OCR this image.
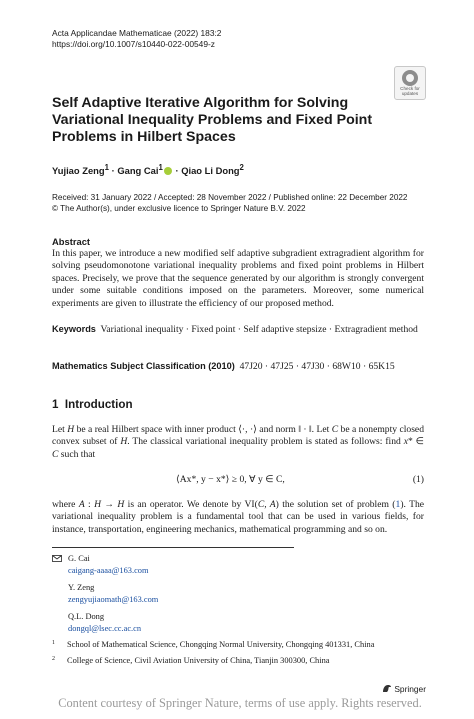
Acta Applicandae Mathematicae (2022) 183:2
https://doi.org/10.1007/s10440-022-00549-z
Check for
updates
Self Adaptive Iterative Algorithm for Solving Variational Inequality Problems and Fixed Point Problems in Hilbert Spaces
Yujiao Zeng$^1$ · Gang Cai$^1$ · Qiao Li Dong$^2$
Received: 31 January 2022 / Accepted: 28 November 2022 / Published online: 22 December 2022
© The Author(s), under exclusive licence to Springer Nature B.V. 2022
Abstract
In this paper, we introduce a new modified self adaptive subgradient extragradient algorithm for solving pseudomonotone variational inequality problems and fixed point problems in Hilbert spaces. Precisely, we prove that the sequence generated by our algorithm is strongly convergent under some suitable conditions imposed on the parameters. Moreover, some numerical experiments are given to illustrate the efficiency of our proposed method.
Keywords Variational inequality · Fixed point · Self adaptive stepsize · Extragradient method
Mathematics Subject Classification (2010) 47J20 · 47J25 · 47J30 · 68W10 · 65K15
1 Introduction
Let H be a real Hilbert space with inner product ⟨·, ·⟩ and norm ‖ · ‖. Let C be a nonempty closed convex subset of H. The classical variational inequality problem is stated as follows: find x* ∈ C such that
⟨Ax*, y − x*⟩ ≥ 0, ∀ y ∈ C,	(1)
where A : H → H is an operator. We denote by VI(C, A) the solution set of problem (1). The variational inequality problem is a fundamental tool that can be used in various fields, for instance, transportation, engineering mechanics, mathematical programming and so on.
G. Cai
caigang-aaaa@163.com
Y. Zeng
zengyujiaomath@163.com
Q.L. Dong
dongql@lsec.cc.ac.cn
$^1$ School of Mathematical Science, Chongqing Normal University, Chongqing 401331, China
$^2$ College of Science, Civil Aviation University of China, Tianjin 300300, China
Springer
Content courtesy of Springer Nature, terms of use apply. Rights reserved.
